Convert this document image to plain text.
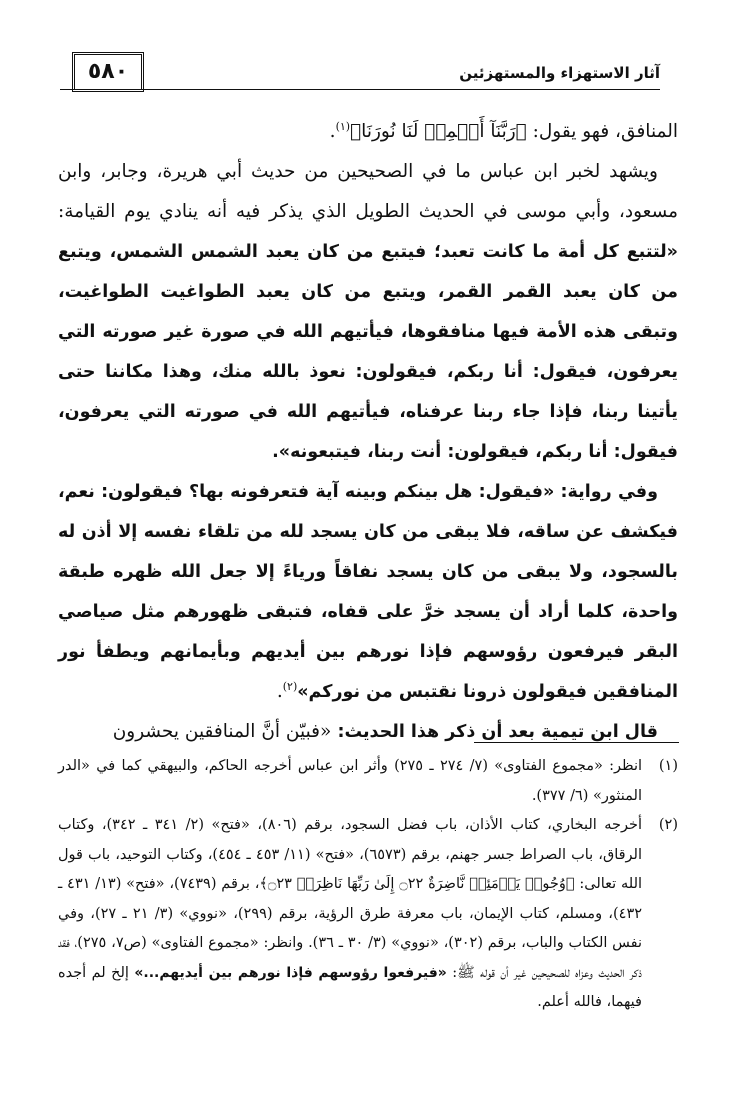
آثار الاستهزاء والمستهزئين
٥٨٠

المنافق، فهو يقول: ﴿رَبَّنَآ أَتۡمِمۡ لَنَا نُورَنَا﴾$^{(١)}$.

ويشهد لخبر ابن عباس ما في الصحيحين من حديث أبي هريرة، وجابر، وابن مسعود، وأبي موسى في الحديث الطويل الذي يذكر فيه أنه ينادي يوم القيامة: «لتتبع كل أمة ما كانت تعبد؛ فيتبع من كان يعبد الشمس الشمس، ويتبع من كان يعبد القمر القمر، ويتبع من كان يعبد الطواغيت الطواغيت، وتبقى هذه الأمة فيها منافقوها، فيأتيهم الله في صورة غير صورته التي يعرفون، فيقول: أنا ربكم، فيقولون: نعوذ بالله منك، وهذا مكاننا حتى يأتينا ربنا، فإذا جاء ربنا عرفناه، فيأتيهم الله في صورته التي يعرفون، فيقول: أنا ربكم، فيقولون: أنت ربنا، فيتبعونه».

وفي رواية: «فيقول: هل بينكم وبينه آية فتعرفونه بها؟ فيقولون: نعم، فيكشف عن ساقه، فلا يبقى من كان يسجد لله من تلقاء نفسه إلا أذن له بالسجود، ولا يبقى من كان يسجد نفاقاً ورياءً إلا جعل الله ظهره طبقة واحدة، كلما أراد أن يسجد خرَّ على قفاه، فتبقى ظهورهم مثل صياصي البقر فيرفعون رؤوسهم فإذا نورهم بين أيديهم وبأيمانهم ويطفأ نور المنافقين فيقولون ذرونا نقتبس من نوركم»$^{(٢)}$.

قال ابن تيمية بعد أن ذكر هذا الحديث: «فبيّن أنَّ المنافقين يحشرون

(١)
انظر: «مجموع الفتاوى» (٧/ ٢٧٤ ـ ٢٧٥) وأثر ابن عباس أخرجه الحاكم، والبيهقي كما في «الدر المنثور» (٦/ ٣٧٧).
(٢)
أخرجه البخاري، كتاب الأذان، باب فضل السجود، برقم (٨٠٦)، «فتح» (٢/ ٣٤١ ـ ٣٤٢)، وكتاب الرقاق، باب الصراط جسر جهنم، برقم (٦٥٧٣)، «فتح» (١١/ ٤٥٣ ـ ٤٥٤)، وكتاب التوحيد، باب قول الله تعالى: ﴿وُجُوهٞ يَوۡمَئِذٖ نَّاضِرَةٌ ۝٢٢ إِلَىٰ رَبِّهَا نَاظِرَةٞ ۝٢٣﴾، برقم (٧٤٣٩)، «فتح» (١٣/ ٤٣١ ـ ٤٣٢)، ومسلم، كتاب الإيمان، باب معرفة طرق الرؤية، برقم (٢٩٩)، «نووي» (٣/ ٢١ ـ ٢٧)، وفي نفس الكتاب والباب، برقم (٣٠٢)، «نووي» (٣/ ٣٠ ـ ٣٦). وانظر: «مجموع الفتاوى» (ص٧، ٢٧٥)، فقد ذكر الحديث وعزاه للصحيحين غير أن قوله ﷺ: «فيرفعوا رؤوسهم فإذا نورهم بين أيديهم...» إلخ لم أجده فيهما، فالله أعلم.
